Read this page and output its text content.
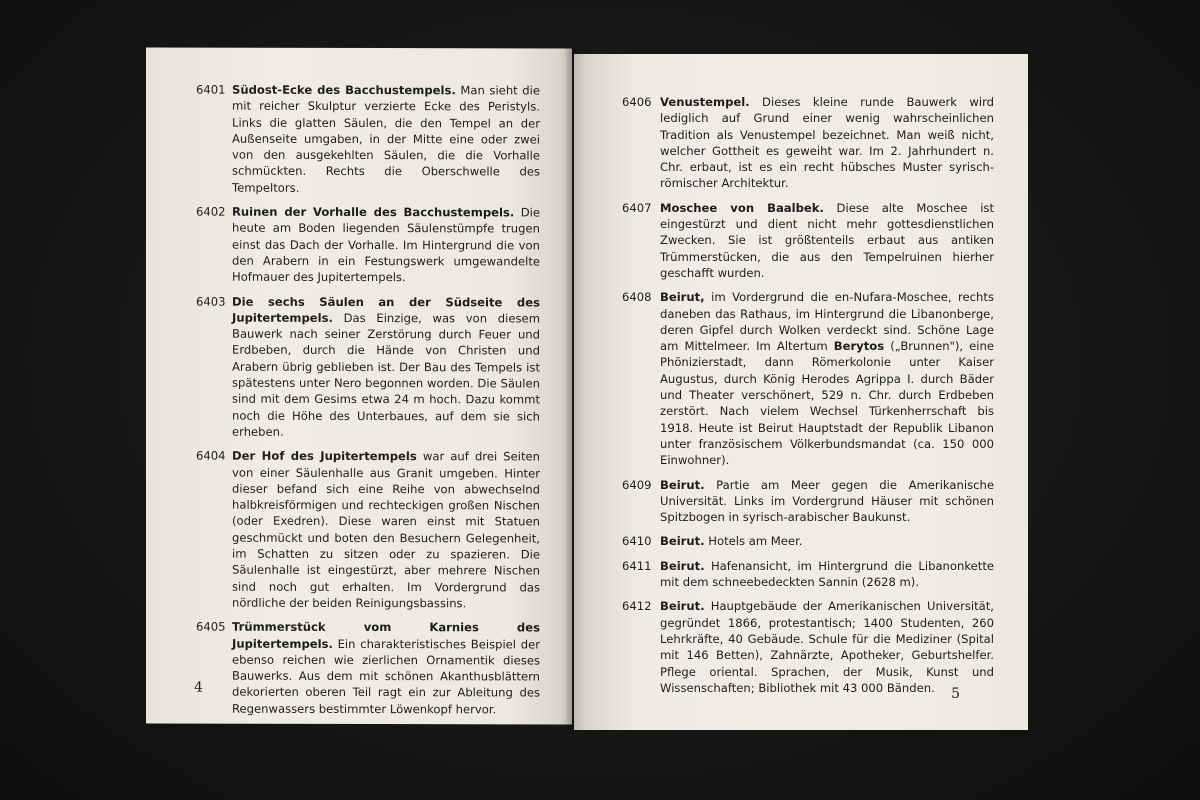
6401 Südost-Ecke des Bacchustempels. Man sieht die mit reicher Skulptur verzierte Ecke des Peristyls. Links die glatten Säulen, die den Tempel an der Außenseite umgaben, in der Mitte eine oder zwei von den ausgekehlten Säulen, die die Vorhalle schmückten. Rechts die Oberschwelle des Tempeltors.
6402 Ruinen der Vorhalle des Bacchustempels. Die heute am Boden liegenden Säulenstümpfe trugen einst das Dach der Vorhalle. Im Hintergrund die von den Arabern in ein Festungswerk umgewandelte Hofmauer des Jupitertempels.
6403 Die sechs Säulen an der Südseite des Jupitertempels. Das Einzige, was von diesem Bauwerk nach seiner Zerstörung durch Feuer und Erdbeben, durch die Hände von Christen und Arabern übrig geblieben ist. Der Bau des Tempels ist spätestens unter Nero begonnen worden. Die Säulen sind mit dem Gesims etwa 24 m hoch. Dazu kommt noch die Höhe des Unterbaues, auf dem sie sich erheben.
6404 Der Hof des Jupitertempels war auf drei Seiten von einer Säulenhalle aus Granit umgeben. Hinter dieser befand sich eine Reihe von abwechselnd halbkreisförmigen und rechteckigen großen Nischen (oder Exedren). Diese waren einst mit Statuen geschmückt und boten den Besuchern Gelegenheit, im Schatten zu sitzen oder zu spazieren. Die Säulenhalle ist eingestürzt, aber mehrere Nischen sind noch gut erhalten. Im Vordergrund das nördliche der beiden Reinigungsbassins.
6405 Trümmerstück vom Karnies des Jupitertempels. Ein charakteristisches Beispiel der ebenso reichen wie zierlichen Ornamentik dieses Bauwerks. Aus dem mit schönen Akanthusblättern dekorierten oberen Teil ragt ein zur Ableitung des Regenwassers bestimmter Löwenkopf hervor.
4
6406 Venustempel. Dieses kleine runde Bauwerk wird lediglich auf Grund einer wenig wahrscheinlichen Tradition als Venustempel bezeichnet. Man weiß nicht, welcher Gottheit es geweiht war. Im 2. Jahrhundert n. Chr. erbaut, ist es ein recht hübsches Muster syrisch-römischer Architektur.
6407 Moschee von Baalbek. Diese alte Moschee ist eingestürzt und dient nicht mehr gottesdienstlichen Zwecken. Sie ist größtenteils erbaut aus antiken Trümmerstücken, die aus den Tempelruinen hierher geschafft wurden.
6408 Beirut, im Vordergrund die en-Nufara-Moschee, rechts daneben das Rathaus, im Hintergrund die Libanonberge, deren Gipfel durch Wolken verdeckt sind. Schöne Lage am Mittelmeer. Im Altertum Berytos („Brunnen"), eine Phönizierstadt, dann Römerkolonie unter Kaiser Augustus, durch König Herodes Agrippa I. durch Bäder und Theater verschönert, 529 n. Chr. durch Erdbeben zerstört. Nach vielem Wechsel Türkenherrschaft bis 1918. Heute ist Beirut Hauptstadt der Republik Libanon unter französischem Völkerbundsmandat (ca. 150 000 Einwohner).
6409 Beirut. Partie am Meer gegen die Amerikanische Universität. Links im Vordergrund Häuser mit schönen Spitzbogen in syrisch-arabischer Baukunst.
6410 Beirut. Hotels am Meer.
6411 Beirut. Hafenansicht, im Hintergrund die Libanonkette mit dem schneebedeckten Sannin (2628 m).
6412 Beirut. Hauptgebäude der Amerikanischen Universität, gegründet 1866, protestantisch; 1400 Studenten, 260 Lehrkräfte, 40 Gebäude. Schule für die Mediziner (Spital mit 146 Betten), Zahnärzte, Apotheker, Geburtshelfer. Pflege oriental. Sprachen, der Musik, Kunst und Wissenschaften; Bibliothek mit 43 000 Bänden.	5
